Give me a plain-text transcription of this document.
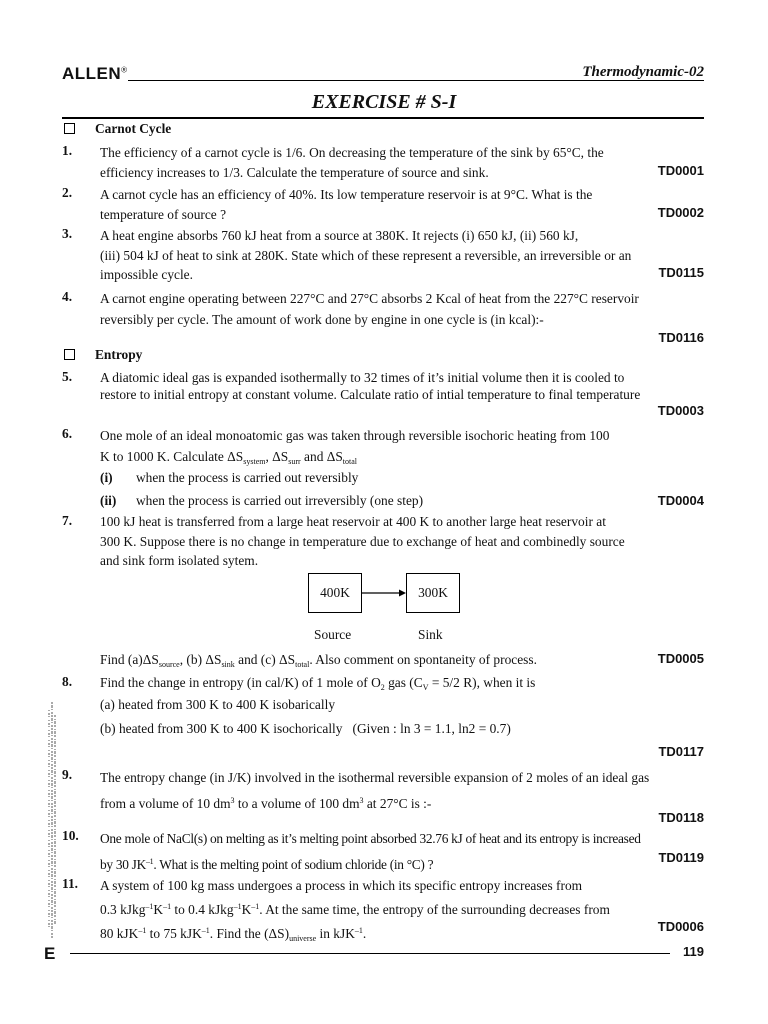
ALLEN®	Thermodynamic-02
EXERCISE # S-I
Carnot Cycle
1. The efficiency of a carnot cycle is 1/6. On decreasing the temperature of the sink by 65°C, the
efficiency increases to 1/3. Calculate the temperature of source and sink.	TD0001
2. A carnot cycle has an efficiency of 40%. Its low temperature reservoir is at 9°C. What is the
temperature of source ?	TD0002
3. A heat engine absorbs 760 kJ heat from a source at 380K. It rejects (i) 650 kJ, (ii) 560 kJ,
(iii) 504 kJ of heat to sink at 280K. State which of these represent a reversible, an irreversible or an
impossible cycle.	TD0115
4. A carnot engine operating between 227°C and 27°C absorbs 2 Kcal of heat from the 227°C reservoir
reversibly per cycle. The amount of work done by engine in one cycle is (in kcal):-
TD0116
Entropy
5. A diatomic ideal gas is expanded isothermally to 32 times of it’s initial volume then it is cooled to
restore to initial entropy at constant volume. Calculate ratio of intial temperature to final temperature
TD0003
6. One mole of an ideal monoatomic gas was taken through reversible isochoric heating from 100
K to 1000 K. Calculate $\Delta S_{system}$, $\Delta S_{surr}$ and $\Delta S_{total}$
(i) when the process is carried out reversibly
(ii) when the process is carried out irreversibly (one step)	TD0004
7. 100 kJ heat is transferred from a large heat reservoir at 400 K to another large heat reservoir at
300 K. Suppose there is no change in temperature due to exchange of heat and combinedly source
and sink form isolated sytem.
400K	300K
Source	Sink
Find $(a)\Delta S_{source}$, (b) $\Delta S_{sink}$ and (c) $\Delta S_{total}$. Also comment on spontaneity of process.	TD0005
8. Find the change in entropy (in cal/K) of 1 mole of $O_2$ gas ($C_V = 5/2$ R), when it is
(a) heated from 300 K to 400 K isobarically
(b) heated from 300 K to 400 K isochorically   (Given : ln 3 = 1.1, ln2 = 0.7)
TD0117
9. The entropy change (in J/K) involved in the isothermal reversible expansion of 2 moles of an ideal gas
from a volume of 10 $dm^3$ to a volume of 100 $dm^3$ at 27°C is :-
TD0118
10. One mole of NaCl(s) on melting as it’s melting point absorbed 32.76 kJ of heat and its entropy is increased
by 30 $JK^{-1}$. What is the melting point of sodium chloride (in °C) ?	TD0119
11. A system of 100 kg mass undergoes a process in which its specific entropy increases from
0.3 $kJkg^{-1}K^{-1}$ to 0.4 $kJkg^{-1}K^{-1}$. At the same time, the entropy of the surrounding decreases from
80 kJK$^{-1}$ to 75 kJK$^{-1}$. Find the $(\Delta S)_{universe}$ in kJK$^{-1}$.	TD0006
E	119
